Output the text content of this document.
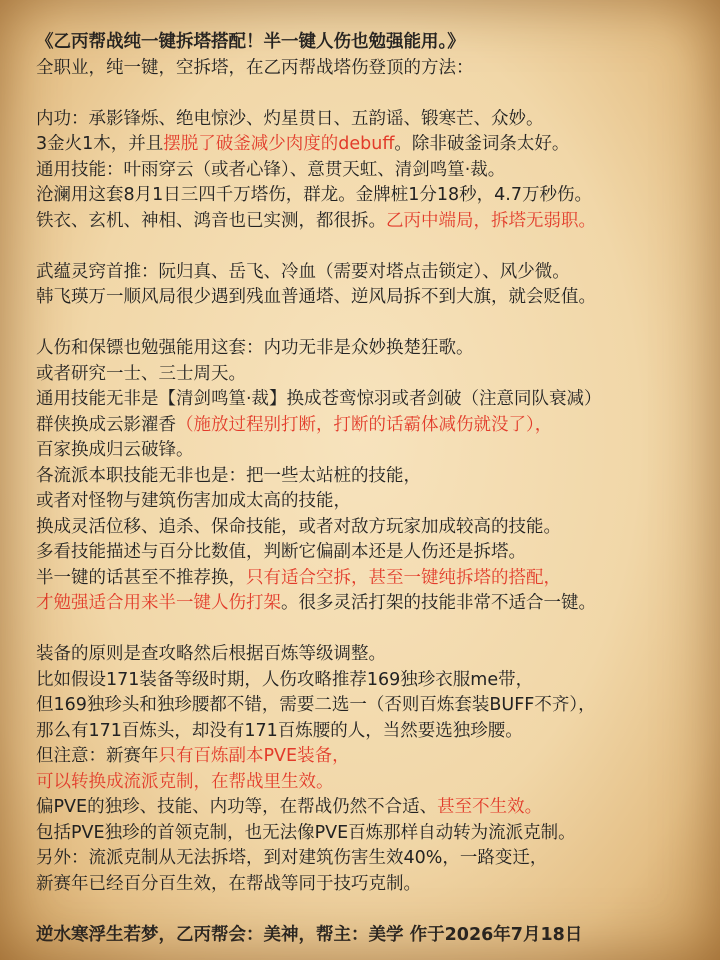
《乙丙帮战纯一键拆塔搭配！半一键人伤也勉强能用。》
全职业，纯一键，空拆塔，在乙丙帮战塔伤登顶的方法：
内功：承影锋烁、绝电惊沙、灼星贯日、五韵谣、锻寒芒、众妙。
3金火1木，并且摆脱了破釜减少肉度的debuff。除非破釜词条太好。
通用技能：叶雨穿云（或者心锋）、意贯天虹、清剑鸣篁·裁。
沧澜用这套8月1日三四千万塔伤，群龙。金牌桩1分18秒，4.7万秒伤。
铁衣、玄机、神相、鸿音也已实测，都很拆。乙丙中端局，拆塔无弱职。
武蕴灵窍首推：阮归真、岳飞、冷血（需要对塔点击锁定）、风少微。
韩飞瑛万一顺风局很少遇到残血普通塔、逆风局拆不到大旗，就会贬值。
人伤和保镖也勉强能用这套：内功无非是众妙换楚狂歌。
或者研究一士、三士周天。
通用技能无非是【清剑鸣篁·裁】换成苍鸾惊羽或者剑破（注意同队衰减）
群侠换成云影濯香（施放过程别打断，打断的话霸体减伤就没了），
百家换成归云破锋。
各流派本职技能无非也是：把一些太站桩的技能，
或者对怪物与建筑伤害加成太高的技能，
换成灵活位移、追杀、保命技能，或者对敌方玩家加成较高的技能。
多看技能描述与百分比数值，判断它偏副本还是人伤还是拆塔。
半一键的话甚至不推荐换，只有适合空拆，甚至一键纯拆塔的搭配，
才勉强适合用来半一键人伤打架。很多灵活打架的技能非常不适合一键。
装备的原则是查攻略然后根据百炼等级调整。
比如假设171装备等级时期，人伤攻略推荐169独珍衣服me带，
但169独珍头和独珍腰都不错，需要二选一（否则百炼套装BUFF不齐），
那么有171百炼头，却没有171百炼腰的人，当然要选独珍腰。
但注意：新赛年只有百炼副本PVE装备，
可以转换成流派克制，在帮战里生效。
偏PVE的独珍、技能、内功等，在帮战仍然不合适、甚至不生效。
包括PVE独珍的首领克制，也无法像PVE百炼那样自动转为流派克制。
另外：流派克制从无法拆塔，到对建筑伤害生效40%，一路变迁，
新赛年已经百分百生效，在帮战等同于技巧克制。
逆水寒浮生若梦，乙丙帮会：美神，帮主：美学 作于2026年7月18日
